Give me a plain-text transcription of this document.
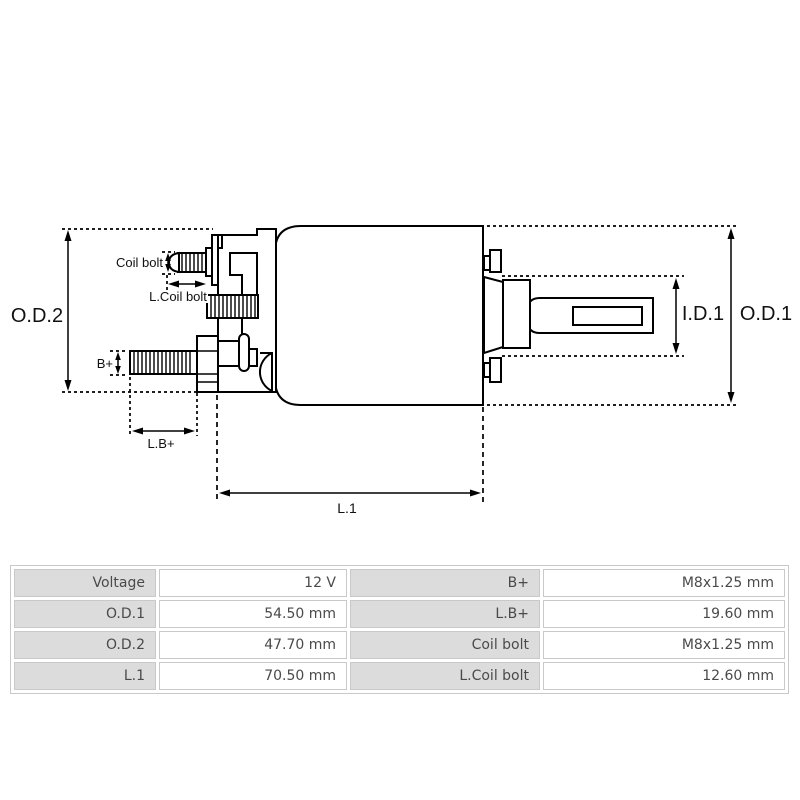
O.D.2	O.D.1
I.D.1
Coil bolt
L.Coil bolt
B+
L.B+
L.1
Voltage	12 V	B+	M8x1.25 mm
O.D.1	54.50 mm	L.B+	19.60 mm
O.D.2	47.70 mm	Coil bolt	M8x1.25 mm
L.1	70.50 mm	L.Coil bolt	12.60 mm
